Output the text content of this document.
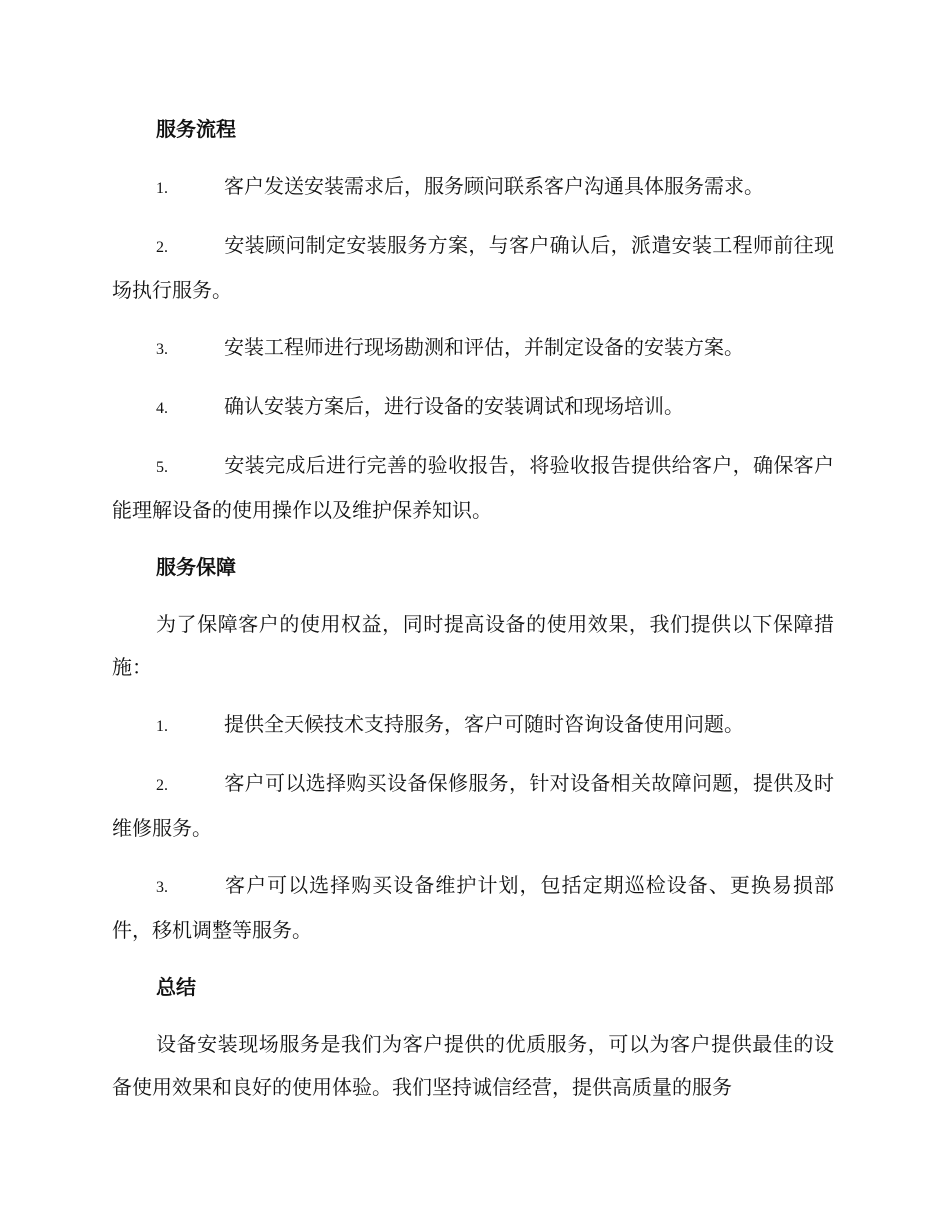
服务流程
1.	客户发送安装需求后，服务顾问联系客户沟通具体服务需求。
2.	安装顾问制定安装服务方案，与客户确认后，派遣安装工程师前往现场执行服务。
3.	安装工程师进行现场勘测和评估，并制定设备的安装方案。
4.	确认安装方案后，进行设备的安装调试和现场培训。
5.	安装完成后进行完善的验收报告，将验收报告提供给客户，确保客户能理解设备的使用操作以及维护保养知识。
服务保障
为了保障客户的使用权益，同时提高设备的使用效果，我们提供以下保障措施：
1.	提供全天候技术支持服务，客户可随时咨询设备使用问题。
2.	客户可以选择购买设备保修服务，针对设备相关故障问题，提供及时维修服务。
3.	客户可以选择购买设备维护计划，包括定期巡检设备、更换易损部件，移机调整等服务。
总结
设备安装现场服务是我们为客户提供的优质服务，可以为客户提供最佳的设备使用效果和良好的使用体验。我们坚持诚信经营，提供高质量的服务
